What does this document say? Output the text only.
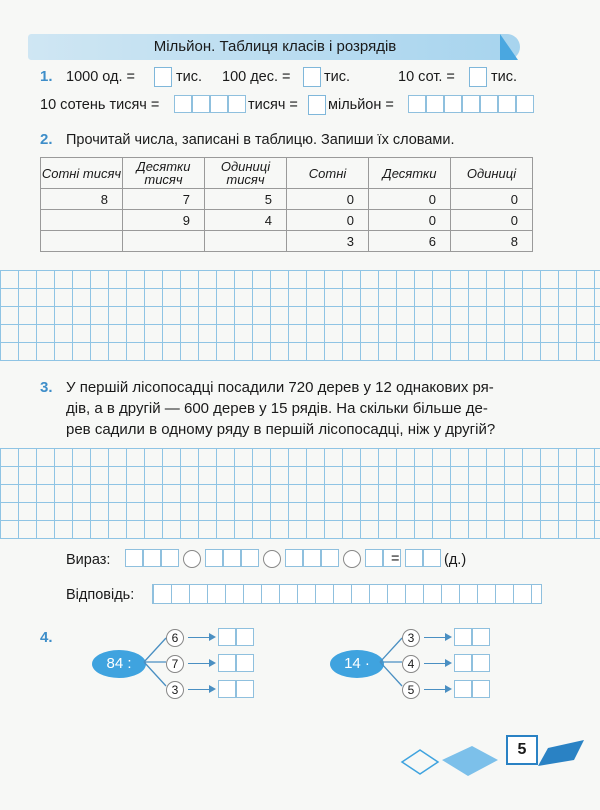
Мільйон. Таблиця класів і розрядів
1. 1000 од. =	тис. 100 дес. = тис.	10 сот. = тис.
10 сотень тисяч =	тисяч = мільйон =
2. Прочитай числа, записані в таблицю. Запиши їх словами.
Сотні тисяч	Десятки тисяч	Одиниці тисяч	Сотні	Десятки	Одиниці
8	7	5	0	0	0
	9	4	0	0	0
			3	6	8
3. У першій лісопосадці посадили 720 дерев у 12 однакових ря-
дів, а в другій — 600 дерев у 15 рядів. На скільки більше де-
рев садили в одному ряду в першій лісопосадці, ніж у другій?
Вираз:	=	(д.)
Відповідь:
4.
84 :
6
7
3
14 ·
3
4
5
5
